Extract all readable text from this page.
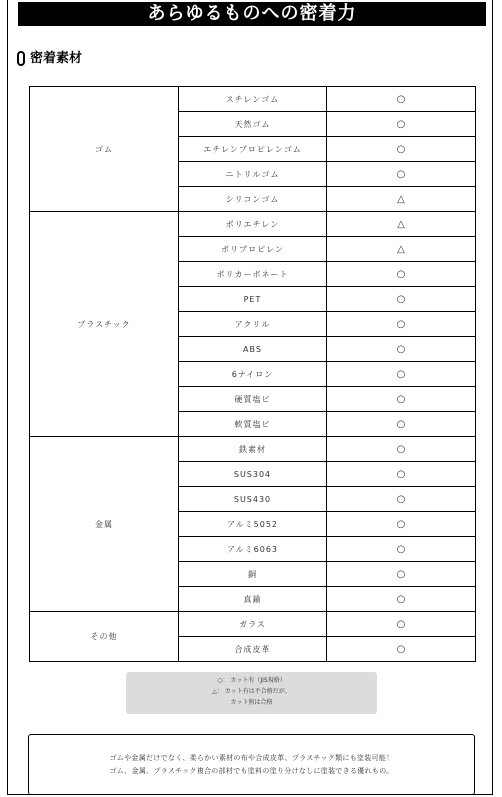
あらゆるものへの密着力
密着素材
ゴム	スチレンゴム	○
	天然ゴム	○
	エチレンプロピレンゴム	○
	ニトリルゴム	○
	シリコンゴム	△
プラスチック	ポリエチレン	△
	ポリプロピレン	△
	ポリカーボネート	○
	PET	○
	アクリル	○
	ABS	○
	6ナイロン	○
	硬質塩ビ	○
	軟質塩ビ	○
金属	鉄素材	○
	SUS304	○
	SUS430	○
	アルミ5052	○
	アルミ6063	○
	銅	○
	真鍮	○
その他	ガラス	○
	合成皮革	○
○： カット有（JIS規格）
△： カット有は不合格だが、
カット無は合格
ゴムや金属だけでなく、柔らかい素材の布や合成皮革、プラスチック類にも塗装可能！
ゴム、金属、プラスチック複合の部材でも塗料の塗り分けなしに塗装できる優れもの。
